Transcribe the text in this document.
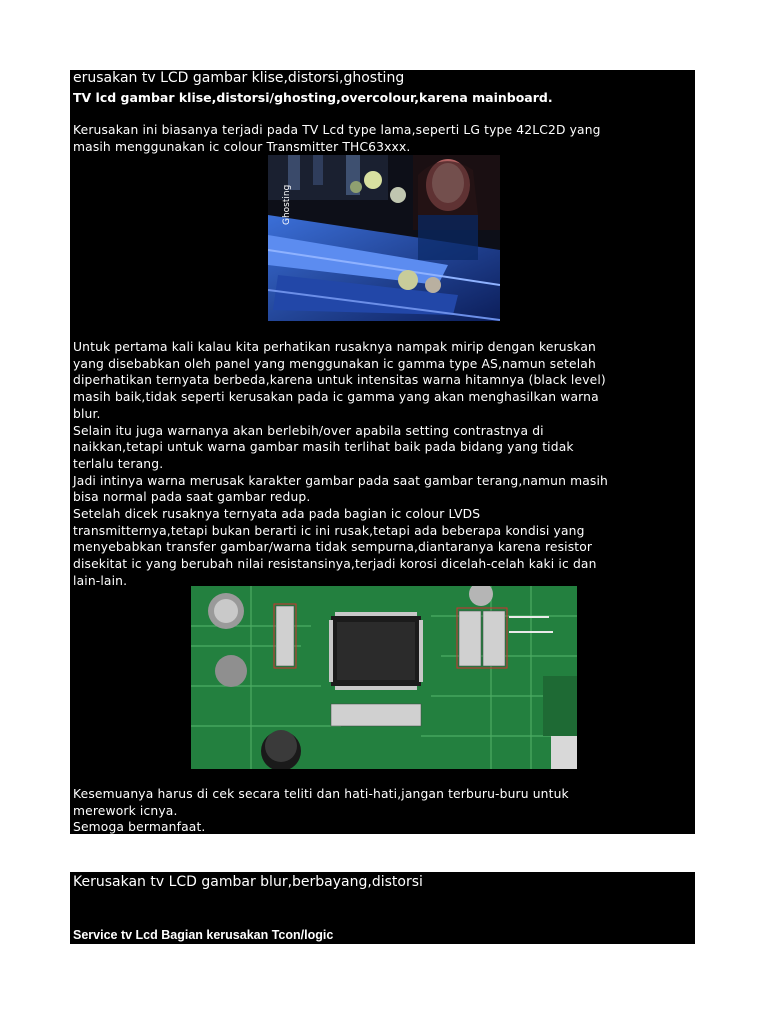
erusakan tv LCD gambar klise,distorsi,ghosting
TV lcd gambar klise,distorsi/ghosting,overcolour,karena mainboard.
Kerusakan ini biasanya terjadi pada TV Lcd type lama,seperti LG type 42LC2D yang
masih menggunakan ic colour Transmitter THC63xxx.
Ghosting
Untuk pertama kali kalau kita perhatikan rusaknya nampak mirip dengan keruskan
yang disebabkan oleh panel yang menggunakan ic gamma type AS,namun setelah
diperhatikan ternyata berbeda,karena untuk intensitas warna hitamnya (black level)
masih baik,tidak seperti kerusakan pada ic gamma yang akan menghasilkan warna
blur.
Selain itu juga warnanya akan berlebih/over apabila setting contrastnya di
naikkan,tetapi untuk warna gambar masih terlihat baik pada bidang yang tidak
terlalu terang.
Jadi intinya warna merusak karakter gambar pada saat gambar terang,namun masih
bisa normal pada saat gambar redup.
Setelah dicek rusaknya ternyata ada pada bagian ic colour LVDS
transmitternya,tetapi bukan berarti ic ini rusak,tetapi ada beberapa kondisi yang
menyebabkan transfer gambar/warna tidak sempurna,diantaranya karena resistor
disekitat ic yang berubah nilai resistansinya,terjadi korosi dicelah-celah kaki ic dan
lain-lain.
Kesemuanya harus di cek secara teliti dan hati-hati,jangan terburu-buru untuk
merework icnya.
Semoga bermanfaat.
Kerusakan tv LCD gambar blur,berbayang,distorsi
Service tv Lcd Bagian kerusakan Tcon/logic
